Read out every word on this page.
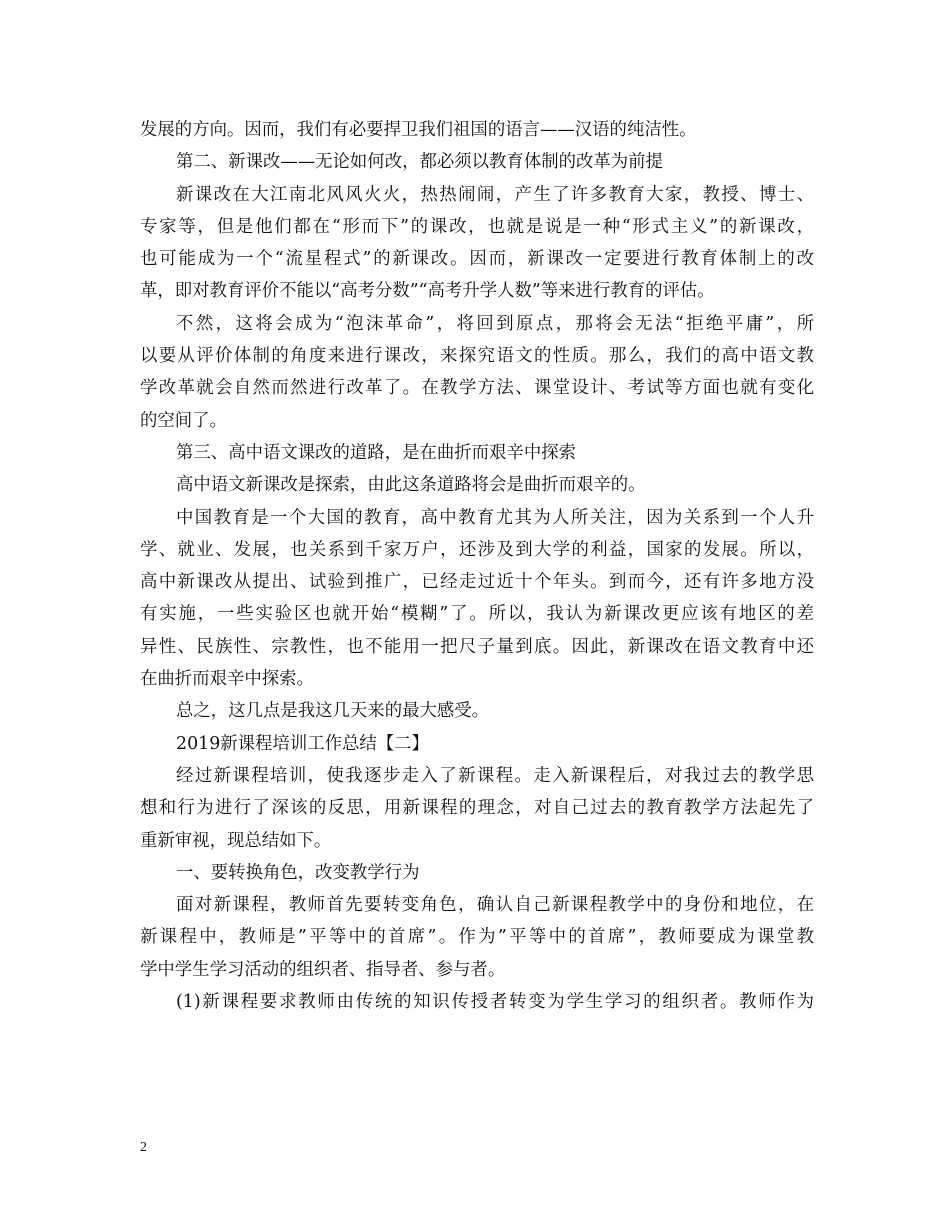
发展的方向。因而，我们有必要捍卫我们祖国的语言——汉语的纯洁性。
第二、新课改——无论如何改，都必须以教育体制的改革为前提
新课改在大江南北风风火火，热热闹闹，产生了许多教育大家，教授、博士、
专家等，但是他们都在“形而下”的课改，也就是说是一种“形式主义”的新课改，
也可能成为一个“流星程式”的新课改。因而，新课改一定要进行教育体制上的改
革，即对教育评价不能以“高考分数”“高考升学人数”等来进行教育的评估。
不然，这将会成为“泡沫革命”，将回到原点，那将会无法“拒绝平庸”，所
以要从评价体制的角度来进行课改，来探究语文的性质。那么，我们的高中语文教
学改革就会自然而然进行改革了。在教学方法、课堂设计、考试等方面也就有变化
的空间了。
第三、高中语文课改的道路，是在曲折而艰辛中探索
高中语文新课改是探索，由此这条道路将会是曲折而艰辛的。
中国教育是一个大国的教育，高中教育尤其为人所关注，因为关系到一个人升
学、就业、发展，也关系到千家万户，还涉及到大学的利益，国家的发展。所以，
高中新课改从提出、试验到推广，已经走过近十个年头。到而今，还有许多地方没
有实施，一些实验区也就开始“模糊”了。所以，我认为新课改更应该有地区的差
异性、民族性、宗教性，也不能用一把尺子量到底。因此，新课改在语文教育中还
在曲折而艰辛中探索。
总之，这几点是我这几天来的最大感受。
2019新课程培训工作总结【二】
经过新课程培训，使我逐步走入了新课程。走入新课程后，对我过去的教学思
想和行为进行了深该的反思，用新课程的理念，对自己过去的教育教学方法起先了
重新审视，现总结如下。
一、要转换角色，改变教学行为
面对新课程，教师首先要转变角色，确认自己新课程教学中的身份和地位，在
新课程中，教师是”平等中的首席”。作为”平等中的首席”，教师要成为课堂教
学中学生学习活动的组织者、指导者、参与者。
(1)新课程要求教师由传统的知识传授者转变为学生学习的组织者。教师作为
2
